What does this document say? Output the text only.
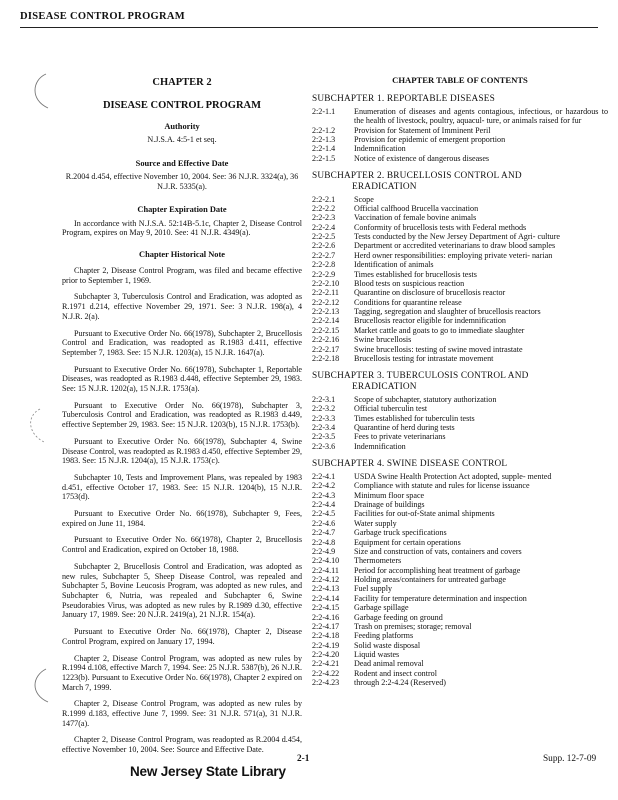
DISEASE CONTROL PROGRAM
CHAPTER 2
DISEASE CONTROL PROGRAM
Authority
N.J.S.A. 4:5-1 et seq.
Source and Effective Date
R.2004 d.454, effective November 10, 2004. See: 36 N.J.R. 3324(a), 36 N.J.R. 5335(a).
Chapter Expiration Date
In accordance with N.J.S.A. 52:14B-5.1c, Chapter 2, Disease Control Program, expires on May 9, 2010. See: 41 N.J.R. 4349(a).
Chapter Historical Note
Chapter 2, Disease Control Program, was filed and became effective prior to September 1, 1969.
Subchapter 3, Tuberculosis Control and Eradication, was adopted as R.1971 d.214, effective November 29, 1971. See: 3 N.J.R. 198(a), 4 N.J.R. 2(a).
Pursuant to Executive Order No. 66(1978), Subchapter 2, Brucellosis Control and Eradication, was readopted as R.1983 d.411, effective September 7, 1983. See: 15 N.J.R. 1203(a), 15 N.J.R. 1647(a).
Pursuant to Executive Order No. 66(1978), Subchapter 1, Reportable Diseases, was readopted as R.1983 d.448, effective September 29, 1983. See: 15 N.J.R. 1202(a), 15 N.J.R. 1753(a).
Pursuant to Executive Order No. 66(1978), Subchapter 3, Tuberculosis Control and Eradication, was readopted as R.1983 d.449, effective September 29, 1983. See: 15 N.J.R. 1203(b), 15 N.J.R. 1753(b).
Pursuant to Executive Order No. 66(1978), Subchapter 4, Swine Disease Control, was readopted as R.1983 d.450, effective September 29, 1983. See: 15 N.J.R. 1204(a), 15 N.J.R. 1753(c).
Subchapter 10, Tests and Improvement Plans, was repealed by 1983 d.451, effective October 17, 1983. See: 15 N.J.R. 1204(b), 15 N.J.R. 1753(d).
Pursuant to Executive Order No. 66(1978), Subchapter 9, Fees, expired on June 11, 1984.
Pursuant to Executive Order No. 66(1978), Chapter 2, Brucellosis Control and Eradication, expired on October 18, 1988.
Subchapter 2, Brucellosis Control and Eradication, was adopted as new rules, Subchapter 5, Sheep Disease Control, was repealed and Subchapter 5, Bovine Leucosis Program, was adopted as new rules, and Subchapter 6, Nutria, was repealed and Subchapter 6, Swine Pseudorabies Virus, was adopted as new rules by R.1989 d.30, effective January 17, 1989. See: 20 N.J.R. 2419(a), 21 N.J.R. 154(a).
Pursuant to Executive Order No. 66(1978), Chapter 2, Disease Control Program, expired on January 17, 1994.
Chapter 2, Disease Control Program, was adopted as new rules by R.1994 d.108, effective March 7, 1994. See: 25 N.J.R. 5387(b), 26 N.J.R. 1223(b). Pursuant to Executive Order No. 66(1978), Chapter 2 expired on March 7, 1999.
Chapter 2, Disease Control Program, was adopted as new rules by R.1999 d.183, effective June 7, 1999. See: 31 N.J.R. 571(a), 31 N.J.R. 1477(a).
Chapter 2, Disease Control Program, was readopted as R.2004 d.454, effective November 10, 2004. See: Source and Effective Date.
CHAPTER TABLE OF CONTENTS
SUBCHAPTER 1. REPORTABLE DISEASES
2:2-1.1	Enumeration of diseases and agents contagious, infectious, or hazardous to the health of livestock, poultry, aquacul- ture, or animals raised for fur
2:2-1.2	Provision for Statement of Imminent Peril
2:2-1.3	Provision for epidemic of emergent proportion
2:2-1.4	Indemnification
2:2-1.5	Notice of existence of dangerous diseases
SUBCHAPTER 2. BRUCELLOSIS CONTROL AND
ERADICATION
2:2-2.1	Scope
2:2-2.2	Official calfhood Brucella vaccination
2:2-2.3	Vaccination of female bovine animals
2:2-2.4	Conformity of brucellosis tests with Federal methods
2:2-2.5	Tests conducted by the New Jersey Department of Agri- culture
2:2-2.6	Department or accredited veterinarians to draw blood samples
2:2-2.7	Herd owner responsibilities: employing private veteri- narian
2:2-2.8	Identification of animals
2:2-2.9	Times established for brucellosis tests
2:2-2.10	Blood tests on suspicious reaction
2:2-2.11	Quarantine on disclosure of brucellosis reactor
2:2-2.12	Conditions for quarantine release
2:2-2.13	Tagging, segregation and slaughter of brucellosis reactors
2:2-2.14	Brucellosis reactor eligible for indemnification
2:2-2.15	Market cattle and goats to go to immediate slaughter
2:2-2.16	Swine brucellosis
2:2-2.17	Swine brucellosis: testing of swine moved intrastate
2:2-2.18	Brucellosis testing for intrastate movement
SUBCHAPTER 3. TUBERCULOSIS CONTROL AND
ERADICATION
2:2-3.1	Scope of subchapter, statutory authorization
2:2-3.2	Official tuberculin test
2:2-3.3	Times established for tuberculin tests
2:2-3.4	Quarantine of herd during tests
2:2-3.5	Fees to private veterinarians
2:2-3.6	Indemnification
SUBCHAPTER 4. SWINE DISEASE CONTROL
2:2-4.1	USDA Swine Health Protection Act adopted, supple- mented
2:2-4.2	Compliance with statute and rules for license issuance
2:2-4.3	Minimum floor space
2:2-4.4	Drainage of buildings
2:2-4.5	Facilities for out-of-State animal shipments
2:2-4.6	Water supply
2:2-4.7	Garbage truck specifications
2:2-4.8	Equipment for certain operations
2:2-4.9	Size and construction of vats, containers and covers
2:2-4.10	Thermometers
2:2-4.11	Period for accomplishing heat treatment of garbage
2:2-4.12	Holding areas/containers for untreated garbage
2:2-4.13	Fuel supply
2:2-4.14	Facility for temperature determination and inspection
2:2-4.15	Garbage spillage
2:2-4.16	Garbage feeding on ground
2:2-4.17	Trash on premises; storage; removal
2:2-4.18	Feeding platforms
2:2-4.19	Solid waste disposal
2:2-4.20	Liquid wastes
2:2-4.21	Dead animal removal
2:2-4.22	Rodent and insect control
2:2-4.23	through 2:2-4.24 (Reserved)
2-1	Supp. 12-7-09
New Jersey State Library
